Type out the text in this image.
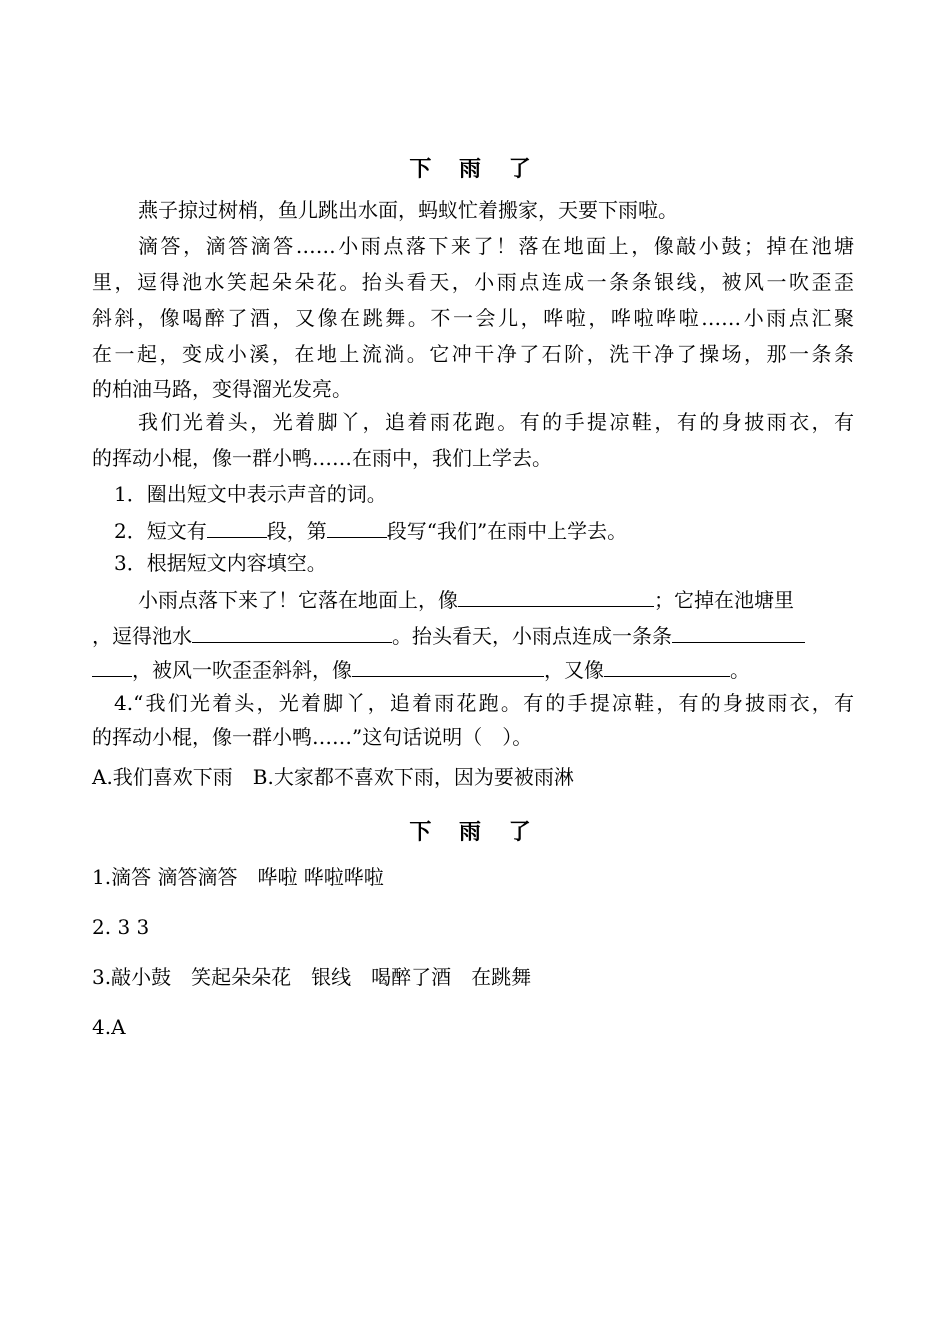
下 雨 了
燕子掠过树梢，鱼儿跳出水面，蚂蚁忙着搬家，天要下雨啦。
滴答，滴答滴答……小雨点落下来了！落在地面上，像敲小鼓；掉在池塘
里，逗得池水笑起朵朵花。抬头看天，小雨点连成一条条银线，被风一吹歪歪
斜斜，像喝醉了酒，又像在跳舞。不一会儿，哗啦，哗啦哗啦……小雨点汇聚
在一起，变成小溪，在地上流淌。它冲干净了石阶，洗干净了操场，那一条条
的柏油马路，变得溜光发亮。
我们光着头，光着脚丫，追着雨花跑。有的手提凉鞋，有的身披雨衣，有
的挥动小棍，像一群小鸭……在雨中，我们上学去。
1．圈出短文中表示声音的词。
2．短文有	段，第	段写“我们”在雨中上学去。
3．根据短文内容填空。
小雨点落下来了！它落在地面上，像	；它掉在池塘里
，逗得池水	。抬头看天，小雨点连成一条条
，被风一吹歪歪斜斜，像	，又像	。
4.“我们光着头，光着脚丫，追着雨花跑。有的手提凉鞋，有的身披雨衣，有
的挥动小棍，像一群小鸭……”这句话说明（　）。
A.我们喜欢下雨　B.大家都不喜欢下雨，因为要被雨淋
下 雨 了
1.滴答 滴答滴答　哗啦 哗啦哗啦
2. 3 3
3.敲小鼓　笑起朵朵花　银线　喝醉了酒　在跳舞
4.A
